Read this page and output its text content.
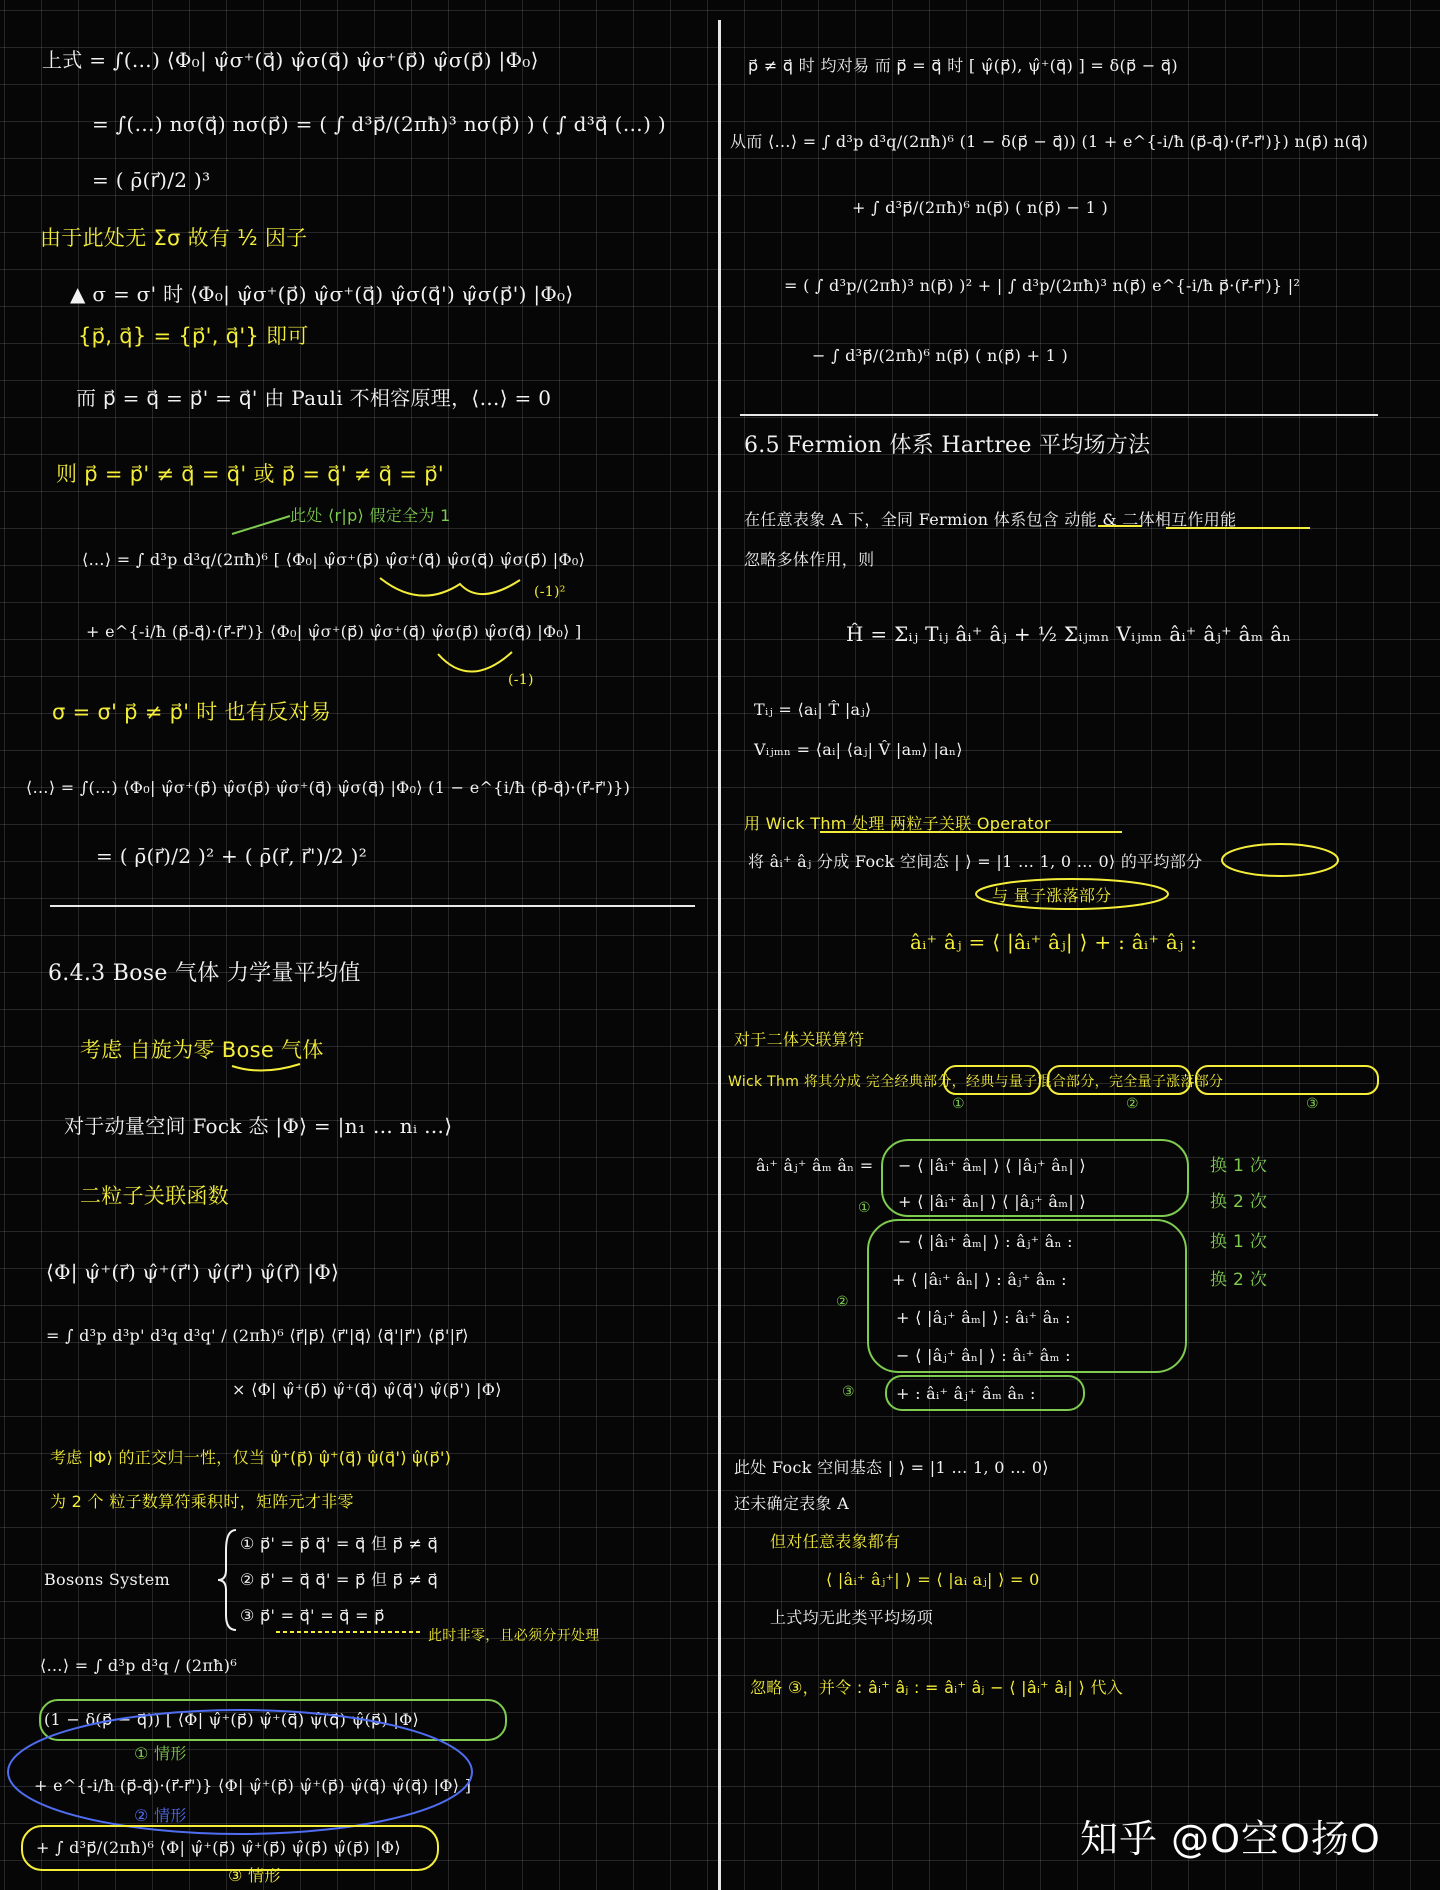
上式 = ∫(…) ⟨Φ₀| ψ̂σ⁺(q⃗) ψ̂σ(q⃗) ψ̂σ⁺(p⃗) ψ̂σ(p⃗) |Φ₀⟩
= ∫(…) nσ(q⃗) nσ(p⃗) = ( ∫ d³p⃗/(2πħ)³ nσ(p⃗) ) ( ∫ d³q⃗ (…) )
= ( ρ̄(r⃗)/2 )³
由于此处无 Σσ 故有 ½ 因子
▲ σ = σ' 时 ⟨Φ₀| ψ̂σ⁺(p⃗) ψ̂σ⁺(q⃗) ψ̂σ(q⃗') ψ̂σ(p⃗') |Φ₀⟩
{p⃗, q⃗} = {p⃗', q⃗'} 即可
而 p⃗ = q⃗ = p⃗' = q⃗' 由 Pauli 不相容原理，⟨…⟩ = 0
则 p⃗ = p⃗' ≠ q⃗ = q⃗' 或 p⃗ = q⃗' ≠ q⃗ = p⃗'
此处 ⟨r|p⟩ 假定全为 1
⟨…⟩ = ∫ d³p d³q/(2πħ)⁶ [ ⟨Φ₀| ψ̂σ⁺(p⃗) ψ̂σ⁺(q⃗) ψ̂σ(q⃗) ψ̂σ(p⃗) |Φ₀⟩
(-1)²
+ e^{-i/ħ (p⃗-q⃗)·(r⃗-r⃗')} ⟨Φ₀| ψ̂σ⁺(p⃗) ψ̂σ⁺(q⃗) ψ̂σ(p⃗) ψ̂σ(q⃗) |Φ₀⟩ ]
(-1)
σ = σ' p⃗ ≠ p⃗' 时 也有反对易
⟨…⟩ = ∫(…) ⟨Φ₀| ψ̂σ⁺(p⃗) ψ̂σ(p⃗) ψ̂σ⁺(q⃗) ψ̂σ(q⃗) |Φ₀⟩ (1 − e^{i/ħ (p⃗-q⃗)·(r⃗-r⃗')})
= ( ρ̄(r⃗)/2 )² + ( ρ̄(r⃗, r⃗')/2 )²
6.4.3 Bose 气体 力学量平均值
考虑 自旋为零 Bose 气体
对于动量空间 Fock 态 |Φ⟩ = |n₁ … nᵢ …⟩
二粒子关联函数
⟨Φ| ψ̂⁺(r⃗) ψ̂⁺(r⃗') ψ̂(r⃗') ψ̂(r⃗) |Φ⟩
= ∫ d³p d³p' d³q d³q' / (2πħ)⁶ ⟨r⃗|p⃗⟩ ⟨r⃗'|q⃗⟩ ⟨q⃗'|r⃗'⟩ ⟨p⃗'|r⃗⟩
× ⟨Φ| ψ̂⁺(p⃗) ψ̂⁺(q⃗) ψ̂(q⃗') ψ̂(p⃗') |Φ⟩
考虑 |Φ⟩ 的正交归一性，仅当 ψ̂⁺(p⃗) ψ̂⁺(q⃗) ψ̂(q⃗') ψ̂(p⃗')
为 2 个 粒子数算符乘积时，矩阵元才非零
Bosons System
① p⃗' = p⃗ q⃗' = q⃗ 但 p⃗ ≠ q⃗
② p⃗' = q⃗ q⃗' = p⃗ 但 p⃗ ≠ q⃗
③ p⃗' = q⃗' = q⃗ = p⃗
此时非零，且必须分开处理
⟨…⟩ = ∫ d³p d³q / (2πħ)⁶
(1 − δ(p⃗ − q⃗)) [ ⟨Φ| ψ̂⁺(p⃗) ψ̂⁺(q⃗) ψ̂(q⃗) ψ̂(p⃗) |Φ⟩
① 情形
+ e^{-i/ħ (p⃗-q⃗)·(r⃗-r⃗')} ⟨Φ| ψ̂⁺(p⃗) ψ̂⁺(p⃗) ψ̂(q⃗) ψ̂(q⃗) |Φ⟩ ]
② 情形
+ ∫ d³p⃗/(2πħ)⁶ ⟨Φ| ψ̂⁺(p⃗) ψ̂⁺(p⃗) ψ̂(p⃗) ψ̂(p⃗) |Φ⟩
③ 情形
p⃗ ≠ q⃗ 时 均对易 而 p⃗ = q⃗ 时 [ ψ̂(p⃗), ψ̂⁺(q⃗) ] = δ(p⃗ − q⃗)
从而 ⟨…⟩ = ∫ d³p d³q/(2πħ)⁶ (1 − δ(p⃗ − q⃗)) (1 + e^{-i/ħ (p⃗-q⃗)·(r⃗-r⃗')}) n(p⃗) n(q⃗)
+ ∫ d³p⃗/(2πħ)⁶ n(p⃗) ( n(p⃗) − 1 )
= ( ∫ d³p/(2πħ)³ n(p⃗) )² + | ∫ d³p/(2πħ)³ n(p⃗) e^{-i/ħ p⃗·(r⃗-r⃗')} |²
− ∫ d³p⃗/(2πħ)⁶ n(p⃗) ( n(p⃗) + 1 )
6.5 Fermion 体系 Hartree 平均场方法
在任意表象 A 下，全同 Fermion 体系包含 动能 & 二体相互作用能
忽略多体作用，则
Ĥ = Σᵢⱼ Tᵢⱼ âᵢ⁺ âⱼ + ½ Σᵢⱼₘₙ Vᵢⱼₘₙ âᵢ⁺ âⱼ⁺ âₘ âₙ
Tᵢⱼ = ⟨aᵢ| T̂ |aⱼ⟩
Vᵢⱼₘₙ = ⟨aᵢ| ⟨aⱼ| V̂ |aₘ⟩ |aₙ⟩
用 Wick Thm 处理 两粒子关联 Operator
将 âᵢ⁺ âⱼ 分成 Fock 空间态 | ⟩ = |1 … 1, 0 … 0⟩ 的平均部分
与 量子涨落部分
âᵢ⁺ âⱼ = ⟨ |âᵢ⁺ âⱼ| ⟩ + : âᵢ⁺ âⱼ :
对于二体关联算符
Wick Thm 将其分成 完全经典部分，经典与量子混合部分，完全量子涨落部分
①	②	③
âᵢ⁺ âⱼ⁺ âₘ âₙ = − ⟨ |âᵢ⁺ âₘ| ⟩ ⟨ |âⱼ⁺ âₙ| ⟩
+ ⟨ |âᵢ⁺ âₙ| ⟩ ⟨ |âⱼ⁺ âₘ| ⟩
− ⟨ |âᵢ⁺ âₘ| ⟩ : âⱼ⁺ âₙ :
+ ⟨ |âᵢ⁺ âₙ| ⟩ : âⱼ⁺ âₘ :
+ ⟨ |âⱼ⁺ âₘ| ⟩ : âᵢ⁺ âₙ :
− ⟨ |âⱼ⁺ âₙ| ⟩ : âᵢ⁺ âₘ :
+ : âᵢ⁺ âⱼ⁺ âₘ âₙ :
换 1 次
换 2 次
换 1 次
换 2 次
此处 Fock 空间基态 | ⟩ = |1 … 1, 0 … 0⟩
还未确定表象 A
但对任意表象都有
⟨ |âᵢ⁺ âⱼ⁺| ⟩ = ⟨ |aᵢ aⱼ| ⟩ = 0
上式均无此类平均场项
忽略 ③，并令 : âᵢ⁺ âⱼ : = âᵢ⁺ âⱼ − ⟨ |âᵢ⁺ âⱼ| ⟩ 代入
知乎 @O空O扬O
①
②
③
